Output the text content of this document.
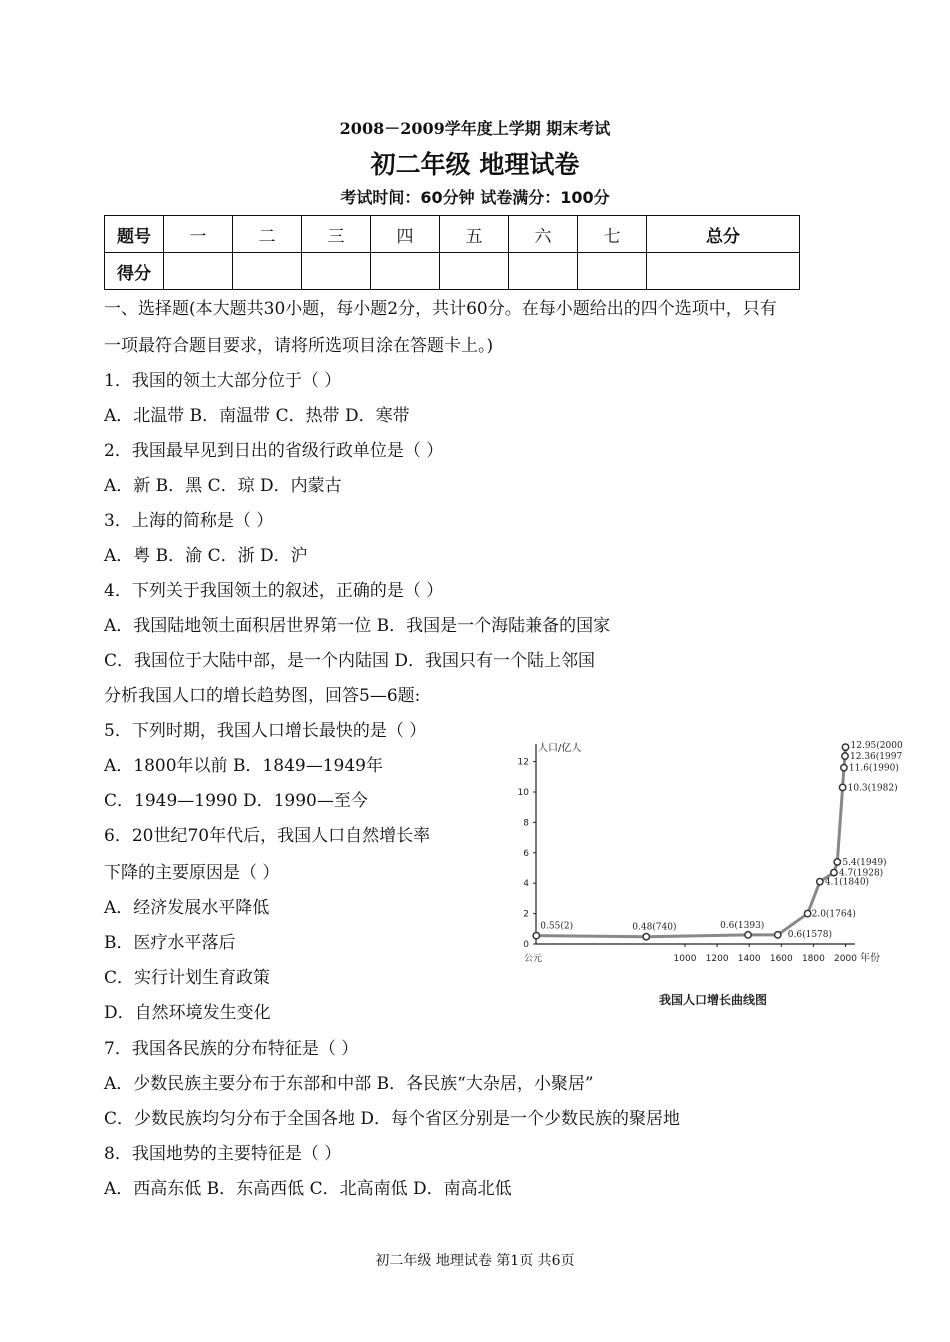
2008－2009学年度上学期 期末考试
初二年级 地理试卷
考试时间：60分钟 试卷满分：100分
题号	一	二	三	四	五	六	七	总分
得分								
一、选择题(本大题共30小题，每小题2分，共计60分。在每小题给出的四个选项中，只有
一项最符合题目要求，请将所选项目涂在答题卡上。)
1．我国的领土大部分位于（ ）
A．北温带 B．南温带 C．热带 D．寒带
2．我国最早见到日出的省级行政单位是（ ）
A．新 B．黑 C．琼 D．内蒙古
3．上海的简称是（ ）
A．粤 B．渝 C．浙 D．沪
4．下列关于我国领土的叙述，正确的是（ ）
A．我国陆地领土面积居世界第一位 B．我国是一个海陆兼备的国家
C．我国位于大陆中部，是一个内陆国 D．我国只有一个陆上邻国
分析我国人口的增长趋势图，回答5—6题:
5．下列时期，我国人口增长最快的是（ ）
A．1800年以前 B．1849—1949年
C．1949—1990 D．1990—至今
6．20世纪70年代后，我国人口自然增长率
下降的主要原因是（ ）
A．经济发展水平降低
B．医疗水平落后
C．实行计划生育政策
D．自然环境发生变化
7．我国各民族的分布特征是（ ）
A．少数民族主要分布于东部和中部 B．各民族“大杂居，小聚居”
C．少数民族均匀分布于全国各地 D．每个省区分别是一个少数民族的聚居地
8．我国地势的主要特征是（ ）
A．西高东低 B．东高西低 C．北高南低 D．南高北低
人口/亿人
0
2
4
6
8
10
12
1000 1200 1400 1600 1800 2000
公元	年份
0.55(2)	0.48(740)	0.6(1393)
0.6(1578)
2.0(1764)
4.1(1840)
4.7(1928)
5.4(1949)
10.3(1982)
11.6(1990)
12.36(1997)
12.95(2000)
我国人口增长曲线图
初二年级 地理试卷 第1页 共6页
